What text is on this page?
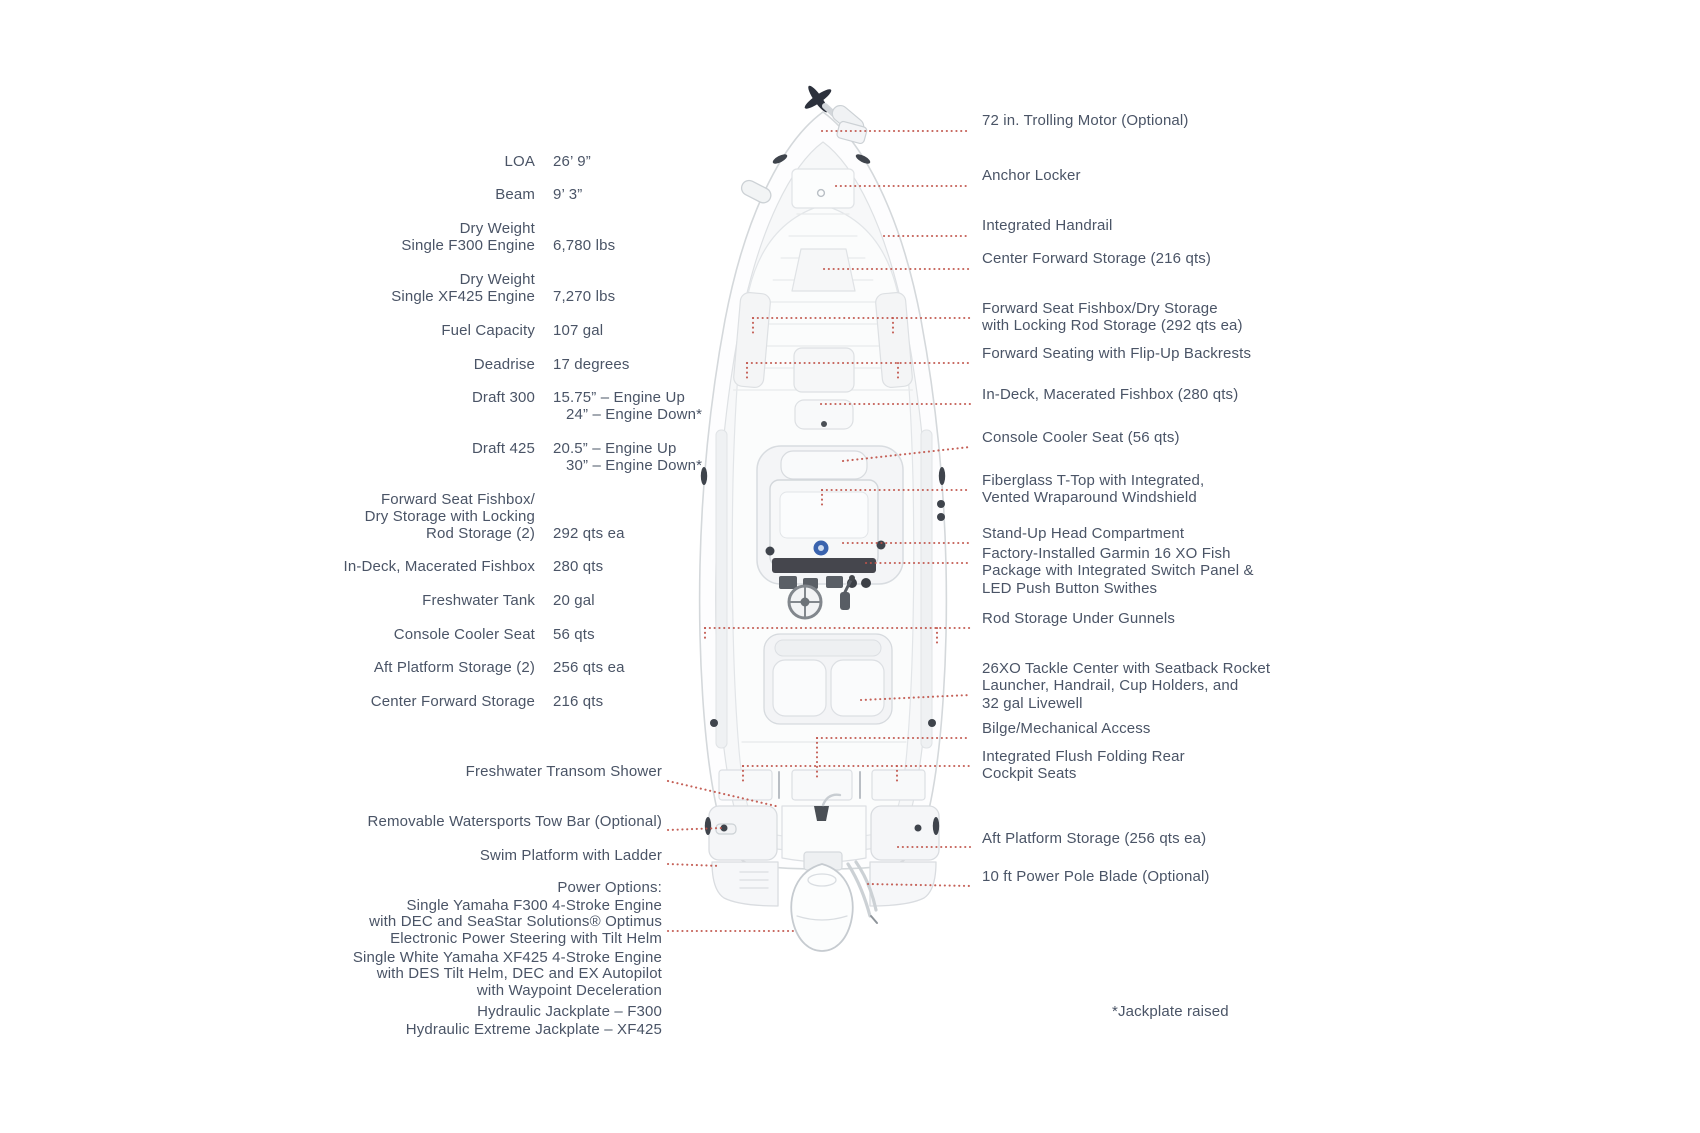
LOA 26’ 9”
Beam 9’ 3”
Dry Weight
Single F300 Engine 6,780 lbs
Dry Weight
Single XF425 Engine 7,270 lbs
Fuel Capacity 107 gal
Deadrise 17 degrees
Draft 300 15.75” – Engine Up
24” – Engine Down*
Draft 425 20.5” – Engine Up
30” – Engine Down*
Forward Seat Fishbox/
Dry Storage with Locking
Rod Storage (2) 292 qts ea
In-Deck, Macerated Fishbox 280 qts
Freshwater Tank 20 gal
Console Cooler Seat 56 qts
Aft Platform Storage (2) 256 qts ea
Center Forward Storage 216 qts
Freshwater Transom Shower
Removable Watersports Tow Bar (Optional)
Swim Platform with Ladder
Power Options:
Single Yamaha F300 4-Stroke Engine
with DEC and SeaStar Solutions® Optimus
Electronic Power Steering with Tilt Helm
Single White Yamaha XF425 4-Stroke Engine
with DES Tilt Helm, DEC and EX Autopilot
with Waypoint Deceleration
Hydraulic Jackplate – F300
Hydraulic Extreme Jackplate – XF425
72 in. Trolling Motor (Optional)
Anchor Locker
Integrated Handrail
Center Forward Storage (216 qts)
Forward Seat Fishbox/Dry Storage
with Locking Rod Storage (292 qts ea)
Forward Seating with Flip-Up Backrests
In-Deck, Macerated Fishbox (280 qts)
Console Cooler Seat (56 qts)
Fiberglass T-Top with Integrated,
Vented Wraparound Windshield
Stand-Up Head Compartment
Factory-Installed Garmin 16 XO Fish
Package with Integrated Switch Panel &
LED Push Button Swithes
Rod Storage Under Gunnels
26XO Tackle Center with Seatback Rocket
Launcher, Handrail, Cup Holders, and
32 gal Livewell
Bilge/Mechanical Access
Integrated Flush Folding Rear
Cockpit Seats
Aft Platform Storage (256 qts ea)
10 ft Power Pole Blade (Optional)
*Jackplate raised
